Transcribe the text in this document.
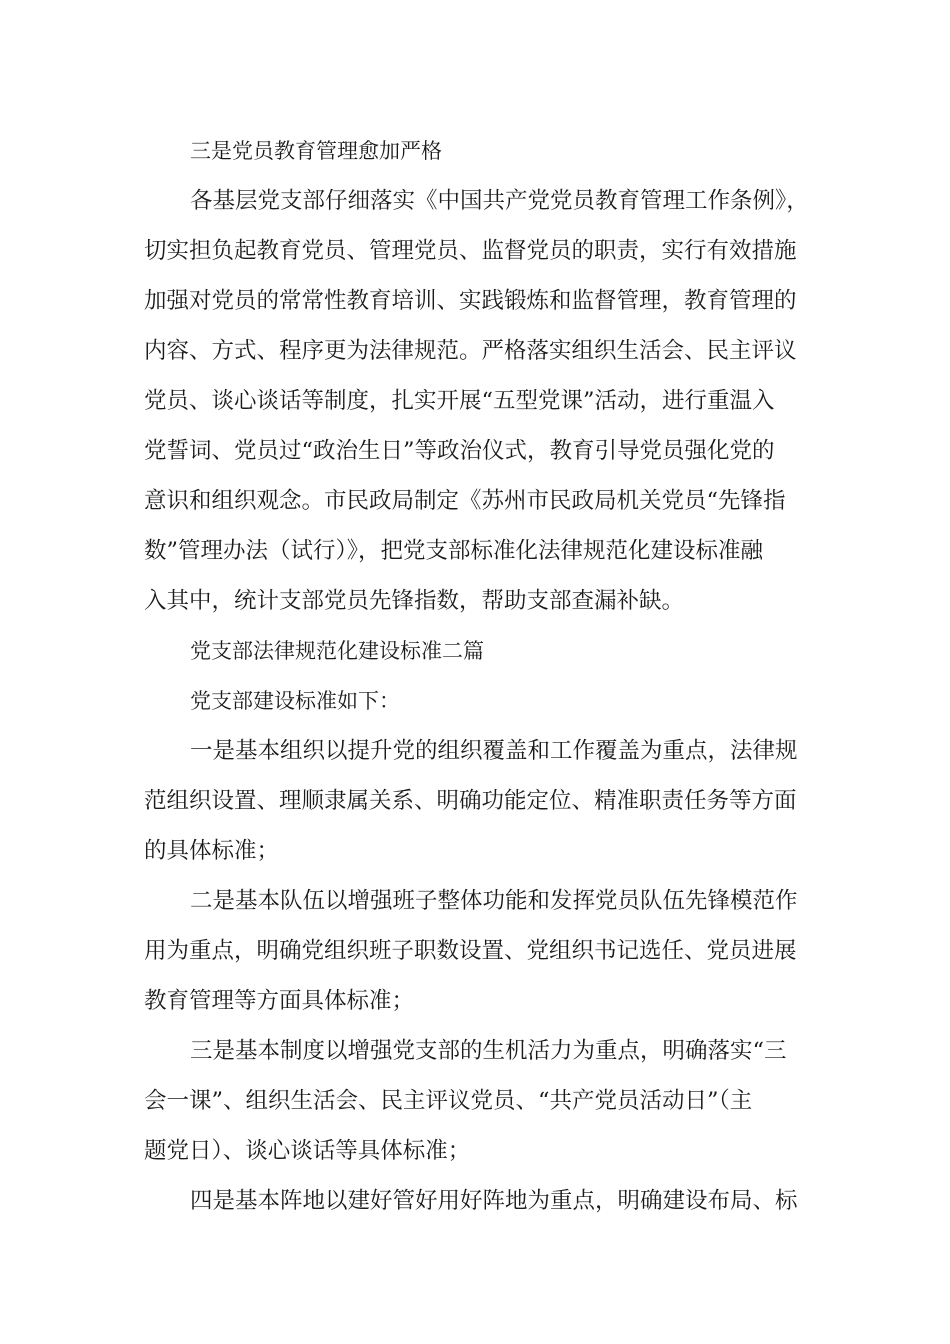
三是党员教育管理愈加严格
各基层党支部仔细落实《中国共产党党员教育管理工作条例》，
切实担负起教育党员、管理党员、监督党员的职责，实行有效措施
加强对党员的常常性教育培训、实践锻炼和监督管理，教育管理的
内容、方式、程序更为法律规范。严格落实组织生活会、民主评议
党员、谈心谈话等制度，扎实开展“五型党课”活动，进行重温入
党誓词、党员过“政治生日”等政治仪式，教育引导党员强化党的
意识和组织观念。市民政局制定《苏州市民政局机关党员“先锋指
数”管理办法（试行）》，把党支部标准化法律规范化建设标准融
入其中，统计支部党员先锋指数，帮助支部查漏补缺。
党支部法律规范化建设标准二篇
党支部建设标准如下：
一是基本组织以提升党的组织覆盖和工作覆盖为重点，法律规
范组织设置、理顺隶属关系、明确功能定位、精准职责任务等方面
的具体标准；
二是基本队伍以增强班子整体功能和发挥党员队伍先锋模范作
用为重点，明确党组织班子职数设置、党组织书记选任、党员进展
教育管理等方面具体标准；
三是基本制度以增强党支部的生机活力为重点，明确落实“三
会一课”、组织生活会、民主评议党员、“共产党员活动日”（主
题党日）、谈心谈话等具体标准；
四是基本阵地以建好管好用好阵地为重点，明确建设布局、标
